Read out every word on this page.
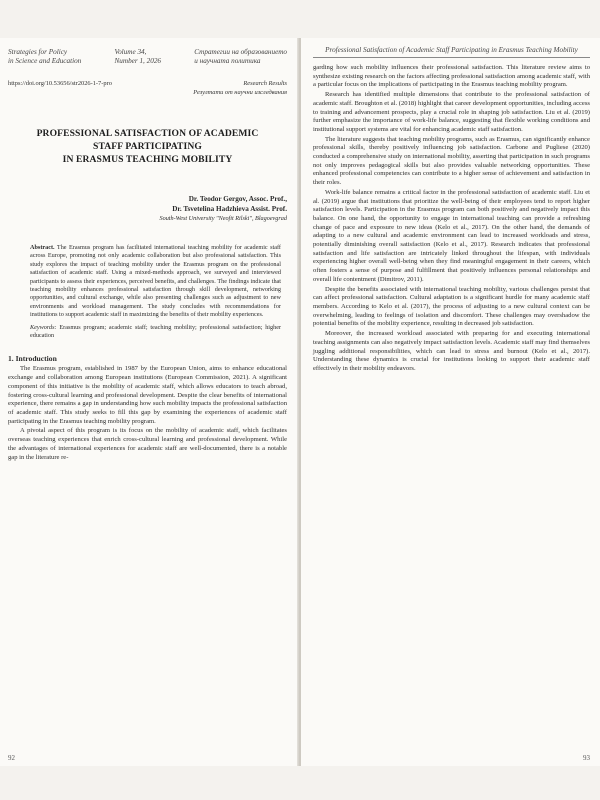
Strategies for Policy
in Science and Education
Volume 34,
Number 1, 2026
Стратегии на образованието
и научната политика
https://doi.org/10.53656/str2026-1-7-pro	Research Results
Резултати от научни изследвания
PROFESSIONAL SATISFACTION OF ACADEMIC
STAFF PARTICIPATING
IN ERASMUS TEACHING MOBILITY
Dr. Teodor Gergov, Assoc. Prof.,
Dr. Tsvetelina Hadzhieva Assist. Prof.
South-West University "Neofit Rilski", Blagoevgrad
Abstract. The Erasmus program has facilitated international teaching mobility for academic staff across Europe, promoting not only academic collaboration but also professional satisfaction. This study explores the impact of teaching mobility under the Erasmus program on the professional satisfaction of academic staff. Using a mixed-methods approach, we surveyed and interviewed participants to assess their experiences, perceived benefits, and challenges. The findings indicate that teaching mobility enhances professional satisfaction through skill development, networking opportunities, and cultural exchange, while also presenting challenges such as adjustment to new environments and workload management. The study concludes with recommendations for institutions to support academic staff in maximizing the benefits of their mobility experiences.
Keywords: Erasmus program; academic staff; teaching mobility; professional satisfaction; higher education
1. Introduction

The Erasmus program, established in 1987 by the European Union, aims to enhance educational exchange and collaboration among European institutions (European Commission, 2021). A significant component of this initiative is the mobility of academic staff, which allows educators to teach abroad, fostering cross-cultural learning and professional development. Despite the clear benefits of international experience, there remains a gap in understanding how such mobility impacts the professional satisfaction of academic staff. This study seeks to fill this gap by examining the experiences of academic staff participating in the Erasmus teaching mobility program.

A pivotal aspect of this program is its focus on the mobility of academic staff, which facilitates overseas teaching experiences that enrich cross-cultural learning and professional development. While the advantages of international experiences for academic staff are well-documented, there is a notable gap in the literature re-

92
Professional Satisfaction of Academic Staff Participating in Erasmus Teaching Mobility

garding how such mobility influences their professional satisfaction. This literature review aims to synthesize existing research on the factors affecting professional satisfaction among academic staff, with a particular focus on the implications of participating in the Erasmus teaching mobility program.

Research has identified multiple dimensions that contribute to the professional satisfaction of academic staff. Broughton et al. (2018) highlight that career development opportunities, including access to training and advancement prospects, play a crucial role in shaping job satisfaction. Liu et al. (2019) further emphasize the importance of work-life balance, suggesting that flexible working conditions and institutional support systems are vital for enhancing academic staff satisfaction.

The literature suggests that teaching mobility programs, such as Erasmus, can significantly enhance professional skills, thereby positively influencing job satisfaction. Carbone and Pugliese (2020) conducted a comprehensive study on international mobility, asserting that participation in such programs not only improves pedagogical skills but also provides valuable networking opportunities. These enhanced professional competencies can contribute to a higher sense of achievement and satisfaction in their roles.

Work-life balance remains a critical factor in the professional satisfaction of academic staff. Liu et al. (2019) argue that institutions that prioritize the well-being of their employees tend to report higher satisfaction levels. Participation in the Erasmus program can both positively and negatively impact this balance. On one hand, the opportunity to engage in international teaching can provide a refreshing change of pace and exposure to new ideas (Kelo et al., 2017). On the other hand, the demands of adapting to a new cultural and academic environment can lead to increased workloads and stress, potentially diminishing overall satisfaction (Kelo et al., 2017). Research indicates that professional satisfaction and life satisfaction are intricately linked throughout the lifespan, with individuals experiencing higher overall well-being when they find meaningful engagement in their careers, which often fosters a sense of purpose and fulfillment that positively influences personal relationships and overall life contentment (Dimitrov, 2011).

Despite the benefits associated with international teaching mobility, various challenges persist that can affect professional satisfaction. Cultural adaptation is a significant hurdle for many academic staff members. According to Kelo et al. (2017), the process of adjusting to a new cultural context can be overwhelming, leading to feelings of isolation and discomfort. These challenges may overshadow the potential benefits of the mobility experience, resulting in decreased job satisfaction.

Moreover, the increased workload associated with preparing for and executing international teaching assignments can also negatively impact satisfaction levels. Academic staff may find themselves juggling additional responsibilities, which can lead to stress and burnout (Kelo et al., 2017). Understanding these dynamics is crucial for institutions looking to support their academic staff effectively in their mobility endeavors.

93
